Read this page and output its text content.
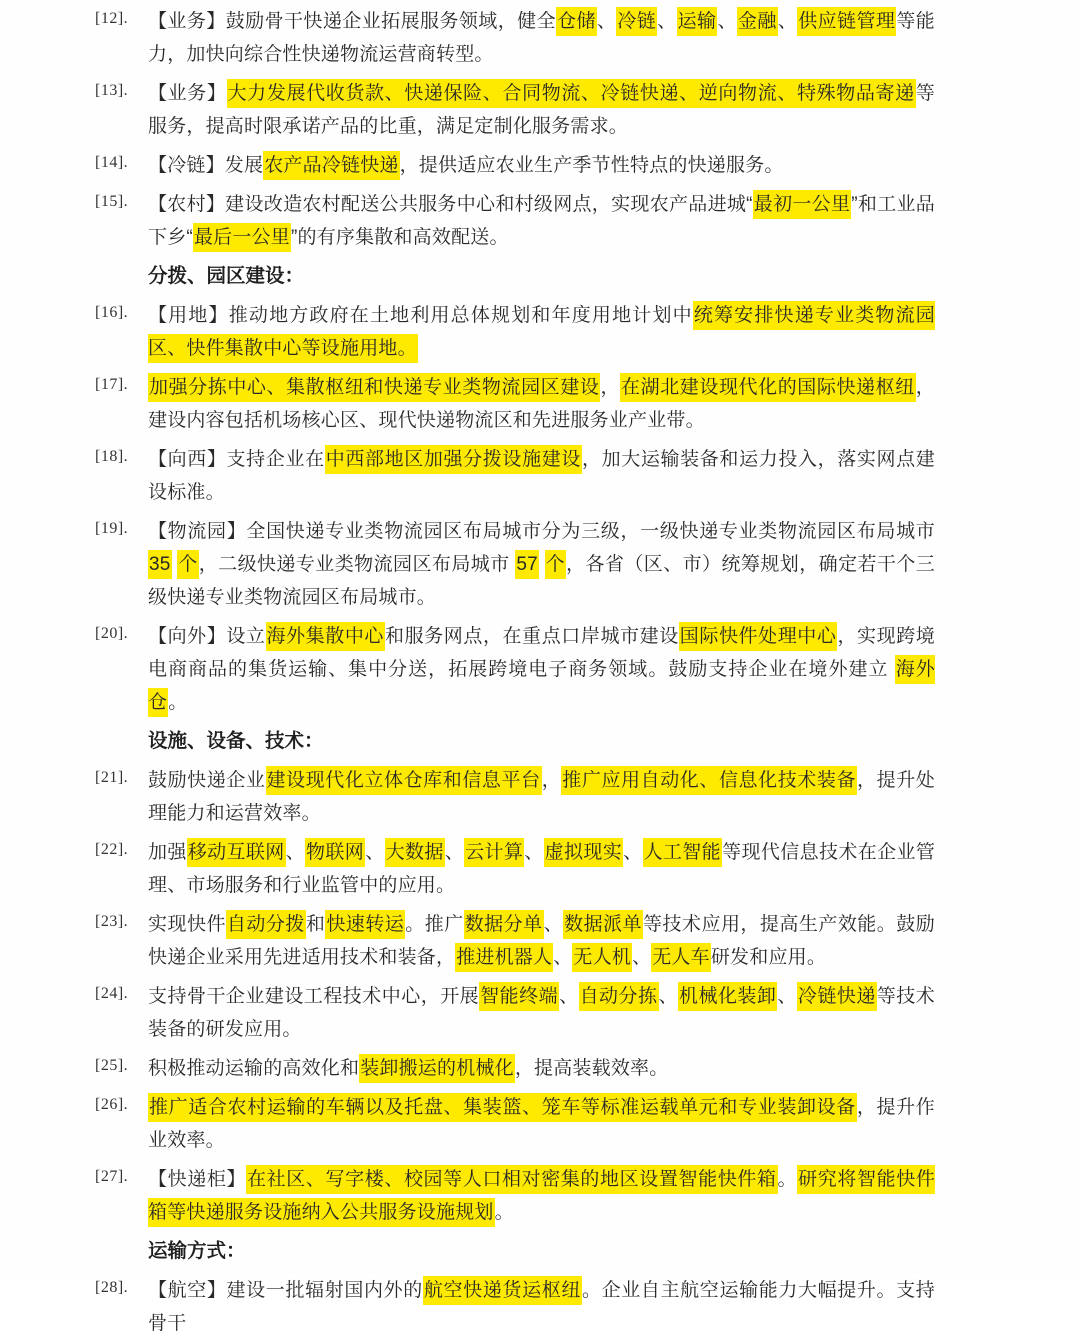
[12].	【业务】鼓励骨干快递企业拓展服务领域，健全仓储、冷链、运输、金融、供应链管理等能力，加快向综合性快递物流运营商转型。
[13].	【业务】大力发展代收货款、快递保险、合同物流、冷链快递、逆向物流、特殊物品寄递等服务，提高时限承诺产品的比重，满足定制化服务需求。
[14].	【冷链】发展农产品冷链快递，提供适应农业生产季节性特点的快递服务。
[15].	【农村】建设改造农村配送公共服务中心和村级网点，实现农产品进城“最初一公里”和工业品下乡“最后一公里”的有序集散和高效配送。
分拨、园区建设：
[16].	【用地】推动地方政府在土地利用总体规划和年度用地计划中统筹安排快递专业类物流园区、快件集散中心等设施用地。
[17].	加强分拣中心、集散枢纽和快递专业类物流园区建设，在湖北建设现代化的国际快递枢纽，建设内容包括机场核心区、现代快递物流区和先进服务业产业带。
[18].	【向西】支持企业在中西部地区加强分拨设施建设，加大运输装备和运力投入，落实网点建设标准。
[19].	【物流园】全国快递专业类物流园区布局城市分为三级，一级快递专业类物流园区布局城市 35 个，二级快递专业类物流园区布局城市 57 个，各省（区、市）统筹规划，确定若干个三级快递专业类物流园区布局城市。
[20].	【向外】设立海外集散中心和服务网点，在重点口岸城市建设国际快件处理中心，实现跨境电商商品的集货运输、集中分送，拓展跨境电子商务领域。鼓励支持企业在境外建立 海外仓。
设施、设备、技术：
[21].	鼓励快递企业建设现代化立体仓库和信息平台，推广应用自动化、信息化技术装备，提升处理能力和运营效率。
[22].	加强移动互联网、物联网、大数据、云计算、虚拟现实、人工智能等现代信息技术在企业管理、市场服务和行业监管中的应用。
[23].	实现快件自动分拨和快速转运。推广数据分单、数据派单等技术应用，提高生产效能。鼓励快递企业采用先进适用技术和装备，推进机器人、无人机、无人车研发和应用。
[24].	支持骨干企业建设工程技术中心，开展智能终端、自动分拣、机械化装卸、冷链快递等技术装备的研发应用。
[25].	积极推动运输的高效化和装卸搬运的机械化，提高装载效率。
[26].	推广适合农村运输的车辆以及托盘、集装篮、笼车等标准运载单元和专业装卸设备，提升作业效率。
[27].	【快递柜】在社区、写字楼、校园等人口相对密集的地区设置智能快件箱。研究将智能快件箱等快递服务设施纳入公共服务设施规划。
运输方式：
[28].	【航空】建设一批辐射国内外的航空快递货运枢纽。企业自主航空运输能力大幅提升。支持骨干
